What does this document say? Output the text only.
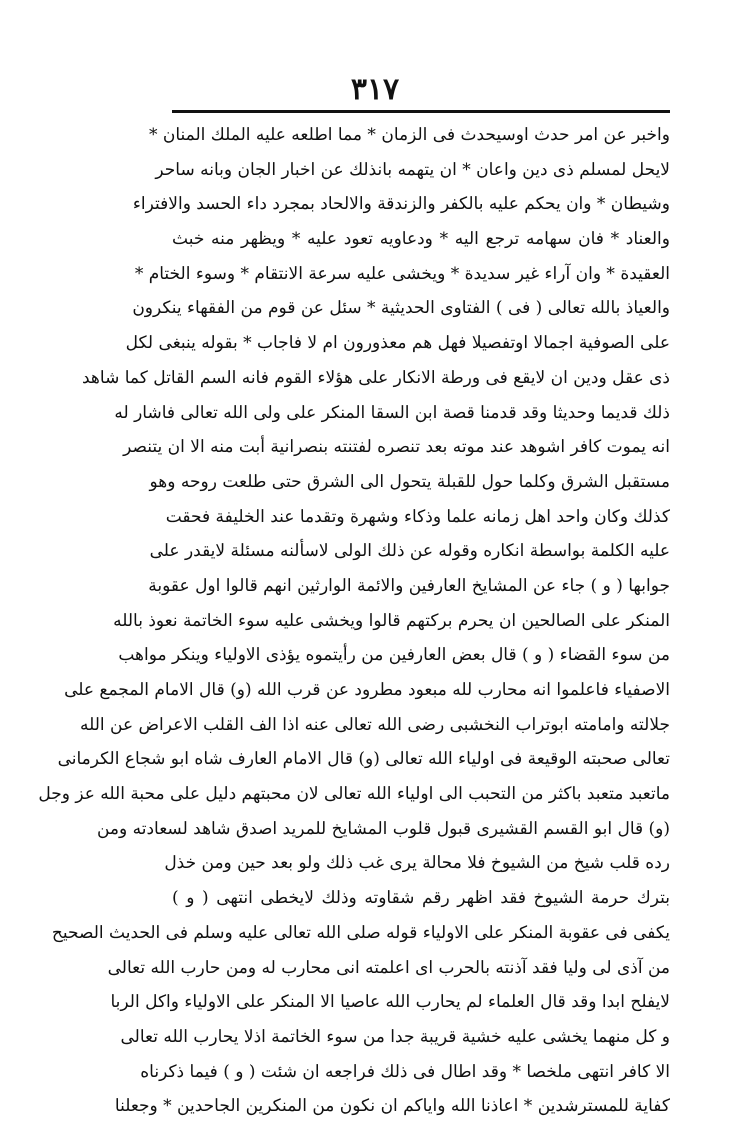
٣١٧
واخبر عن امر حدث اوسيحدث فى الزمان * مما اطلعه عليه الملك المنان *
لايحل لمسلم ذى دين واعان * ان يتهمه بانذلك عن اخبار الجان وبانه ساحر
وشيطان * وان يحكم عليه بالكفر والزندقة والالحاد بمجرد داء الحسد والافتراء
والعناد * فان سهامه ترجع اليه * ودعاويه تعود عليه * ويظهر منه خبث
العقيدة * وان آراء غير سديدة * ويخشى عليه سرعة الانتقام * وسوء الختام *
والعياذ بالله تعالى ( فى ) الفتاوى الحديثية * سئل عن قوم من الفقهاء ينكرون
على الصوفية اجمالا اوتفصيلا فهل هم معذورون ام لا فاجاب * بقوله ينبغى لكل
ذى عقل ودين ان لايقع فى ورطة الانكار على هؤلاء القوم فانه السم القاتل كما شاهد
ذلك قديما وحديثا وقد قدمنا قصة ابن السقا المنكر على ولى الله تعالى فاشار له
انه يموت كافر اشوهد عند موته بعد تنصره لفتنته بنصرانية أبت منه الا ان يتنصر
مستقبل الشرق وكلما حول للقبلة يتحول الى الشرق حتى طلعت روحه وهو
كذلك وكان واحد اهل زمانه علما وذكاء وشهرة وتقدما عند الخليفة فحقت
عليه الكلمة بواسطة انكاره وقوله عن ذلك الولى لاسألنه مسئلة لايقدر على
جوابها ( و ) جاء عن المشايخ العارفين والائمة الوارثين انهم قالوا اول عقوبة
المنكر على الصالحين ان يحرم بركتهم قالوا ويخشى عليه سوء الخاتمة نعوذ بالله
من سوء القضاء ( و ) قال بعض العارفين من رأيتموه يؤذى الاولياء وينكر مواهب
الاصفياء فاعلموا انه محارب لله مبعود مطرود عن قرب الله (و) قال الامام المجمع على
جلالته وامامته ابوتراب النخشبى رضى الله تعالى عنه اذا الف القلب الاعراض عن الله
تعالى صحبته الوقيعة فى اولياء الله تعالى (و) قال الامام العارف شاه ابو شجاع الكرمانى
ماتعبد متعبد باكثر من التحبب الى اولياء الله تعالى لان محبتهم دليل على محبة الله عز وجل
(و) قال ابو القسم القشيرى قبول قلوب المشايخ للمريد اصدق شاهد لسعادته ومن
رده قلب شيخ من الشيوخ فلا محالة يرى غب ذلك ولو بعد حين ومن خذل
بترك حرمة الشيوخ فقد اظهر رقم شقاوته وذلك لايخطى انتهى ( و )
يكفى فى عقوبة المنكر على الاولياء قوله صلى الله تعالى عليه وسلم فى الحديث الصحيح
من آذى لى وليا فقد آذنته بالحرب اى اعلمته انى محارب له ومن حارب الله تعالى
لايفلح ابدا وقد قال العلماء لم يحارب الله عاصيا الا المنكر على الاولياء واكل الربا
و كل منهما يخشى عليه خشية قريبة جدا من سوء الخاتمة اذلا يحارب الله تعالى
الا كافر انتهى ملخصا * وقد اطال فى ذلك فراجعه ان شئت ( و ) فيما ذكرناه
كفاية للمسترشدين * اعاذنا الله واياكم ان نكون من المنكرين الجاحدين * وجعلنا
